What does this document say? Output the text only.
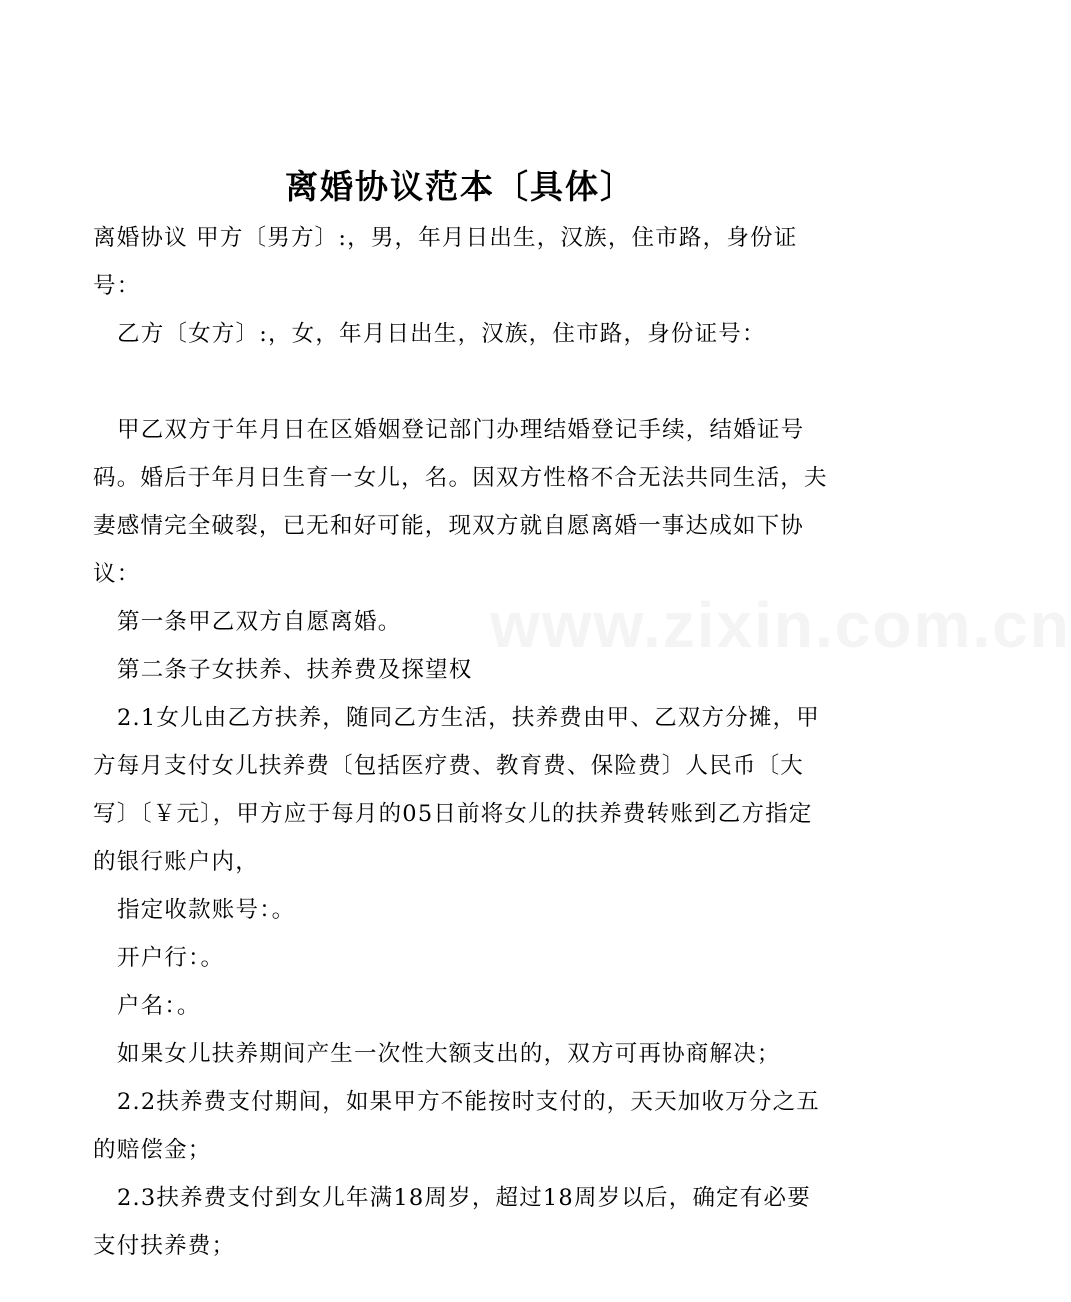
离婚协议范本〔具体〕

离婚协议 甲方〔男方〕:，男，年月日出生，汉族，住市路，身份证号：

乙方〔女方〕:，女，年月日出生，汉族，住市路，身份证号：

甲乙双方于年月日在区婚姻登记部门办理结婚登记手续，结婚证号码。婚后于年月日生育一女儿，名。因双方性格不合无法共同生活，夫妻感情完全破裂，已无和好可能，现双方就自愿离婚一事达成如下协议：

第一条甲乙双方自愿离婚。

第二条子女扶养、扶养费及探望权

2.1女儿由乙方扶养，随同乙方生活，扶养费由甲、乙双方分摊，甲方每月支付女儿扶养费〔包括医疗费、教育费、保险费〕人民币〔大写〕〔￥元〕，甲方应于每月的05日前将女儿的扶养费转账到乙方指定的银行账户内，

指定收款账号：。

开户行：。

户名：。

如果女儿扶养期间产生一次性大额支出的，双方可再协商解决；

2.2扶养费支付期间，如果甲方不能按时支付的，天天加收万分之五的赔偿金；

2.3扶养费支付到女儿年满18周岁，超过18周岁以后，确定有必要支付扶养费；

www.zixin.com.cn
